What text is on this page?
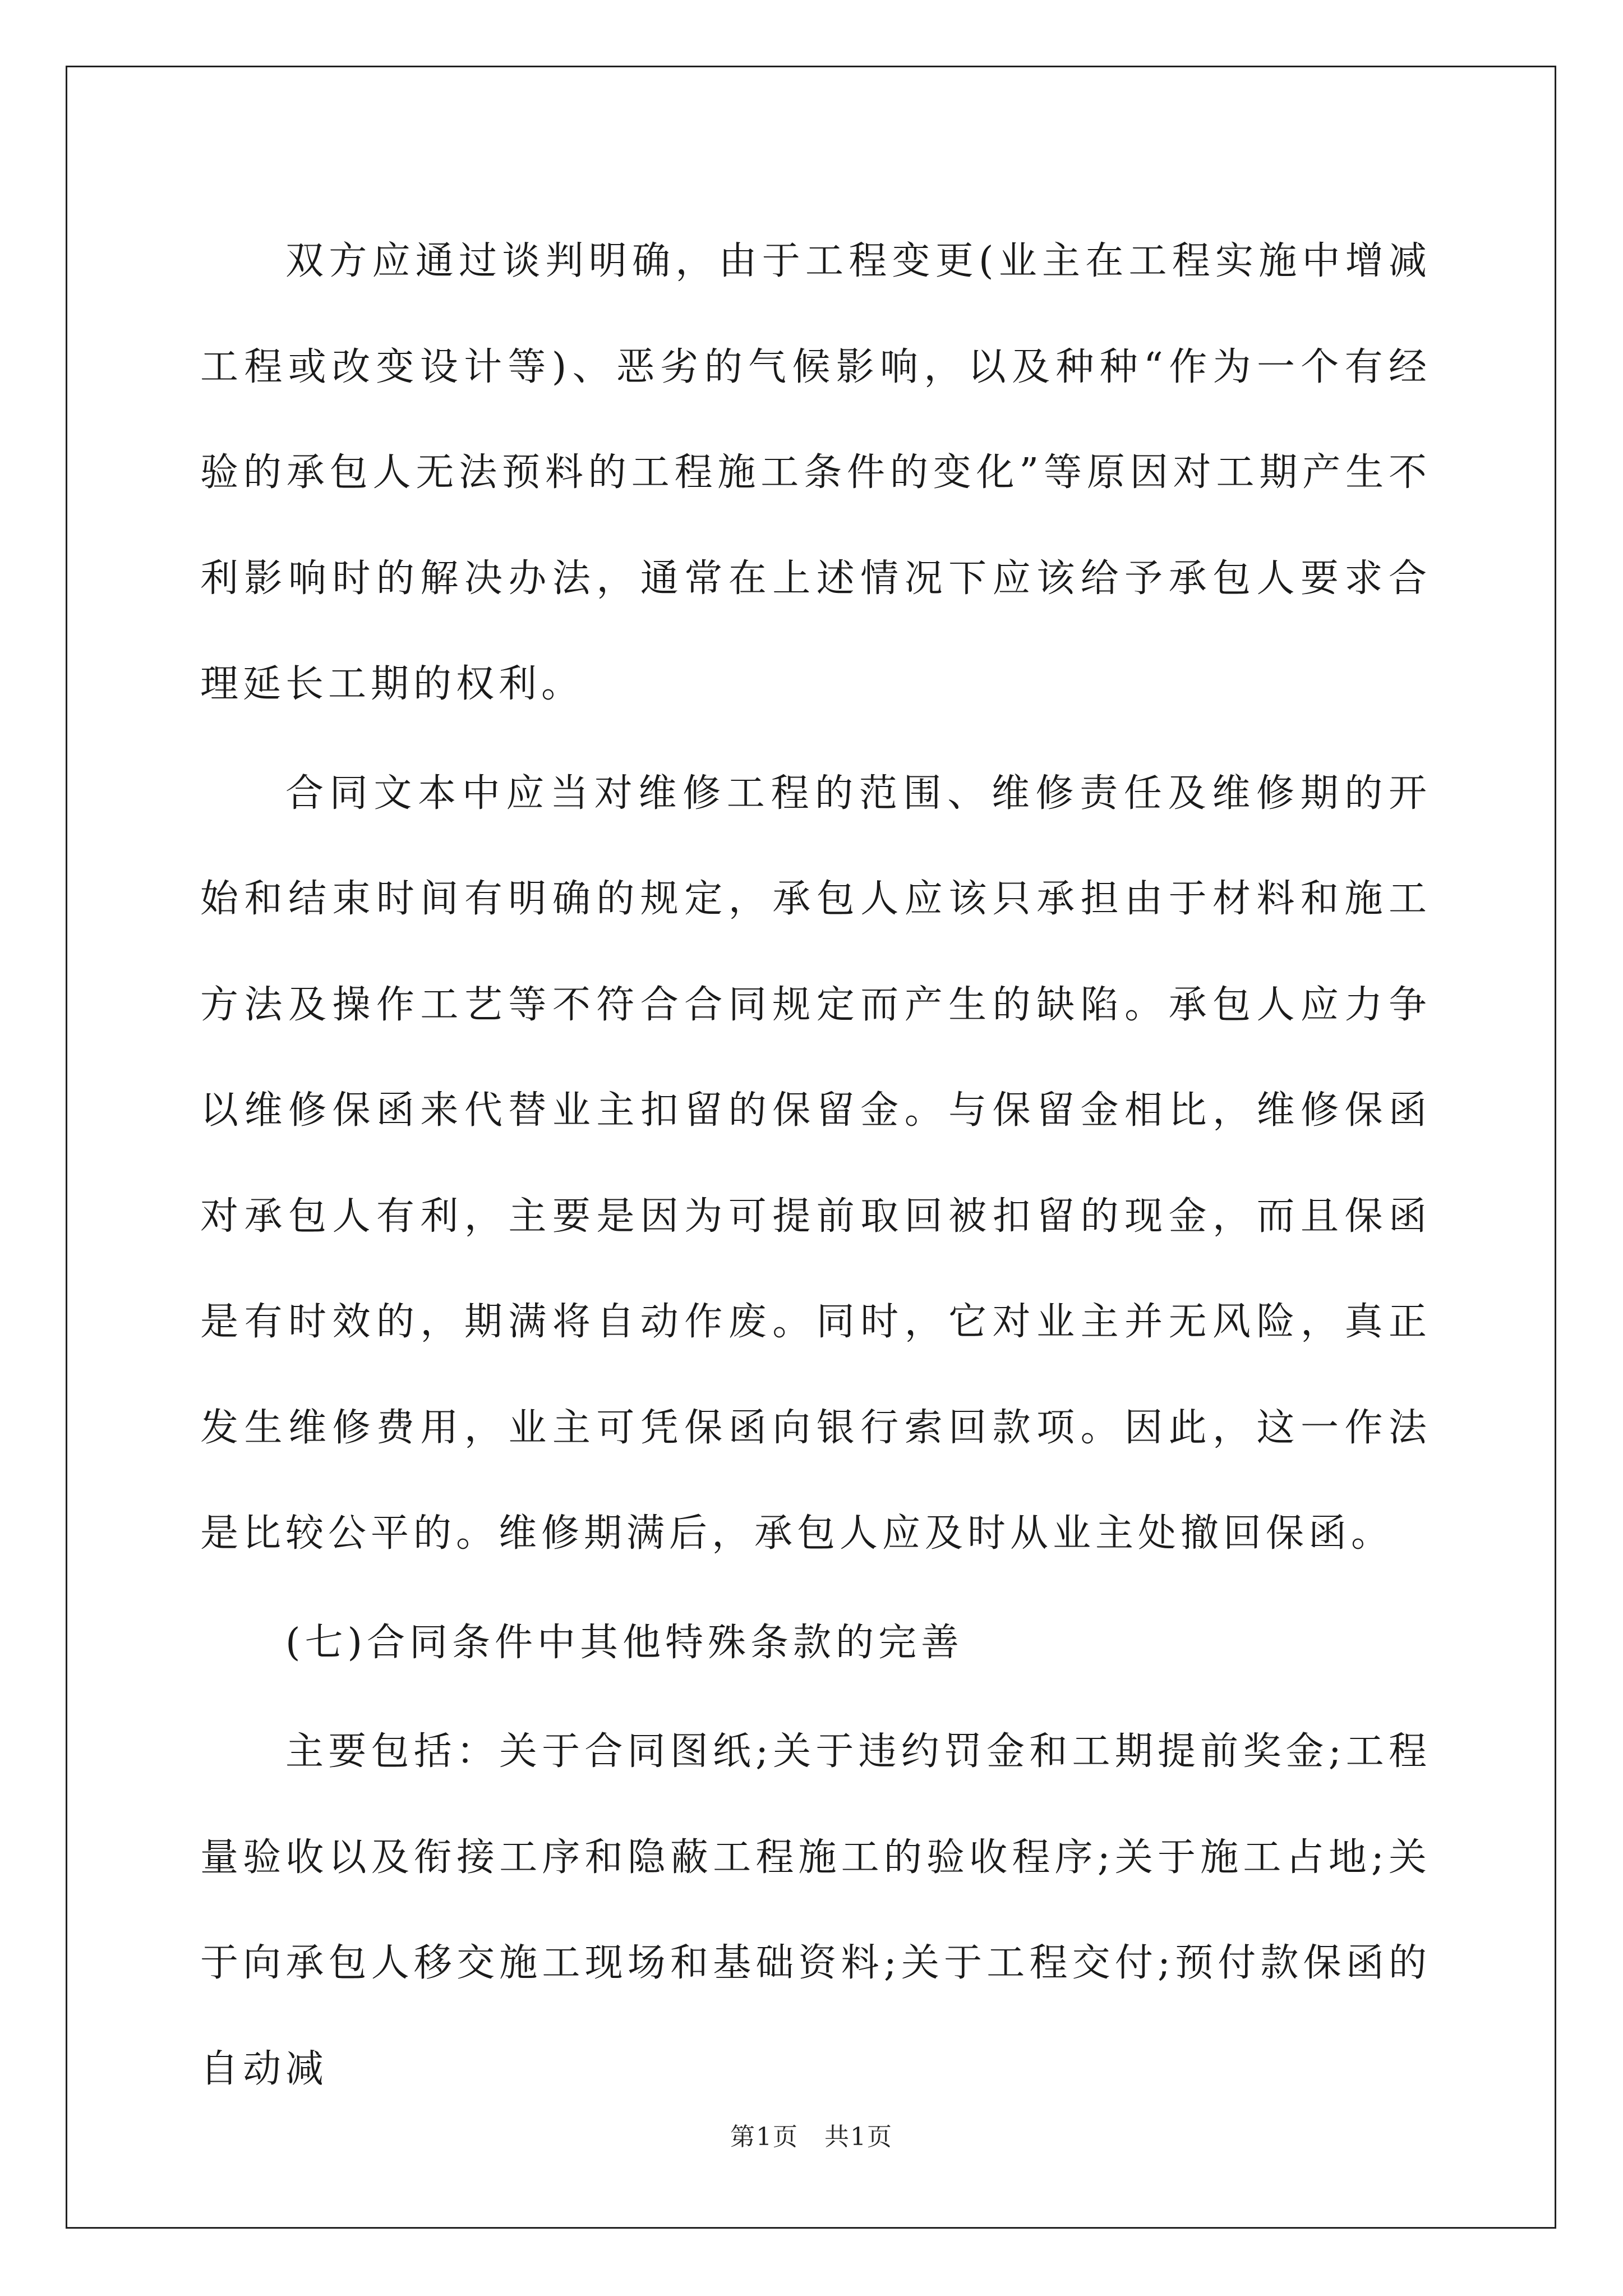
双方应通过谈判明确，由于工程变更(业主在工程实施中增减工程或改变设计等)、恶劣的气候影响，以及种种“作为一个有经验的承包人无法预料的工程施工条件的变化”等原因对工期产生不利影响时的解决办法，通常在上述情况下应该给予承包人要求合理延长工期的权利。

合同文本中应当对维修工程的范围、维修责任及维修期的开始和结束时间有明确的规定，承包人应该只承担由于材料和施工方法及操作工艺等不符合合同规定而产生的缺陷。承包人应力争以维修保函来代替业主扣留的保留金。与保留金相比，维修保函对承包人有利，主要是因为可提前取回被扣留的现金，而且保函是有时效的，期满将自动作废。同时，它对业主并无风险，真正发生维修费用，业主可凭保函向银行索回款项。因此，这一作法是比较公平的。维修期满后，承包人应及时从业主处撤回保函。

(七)合同条件中其他特殊条款的完善

主要包括：关于合同图纸;关于违约罚金和工期提前奖金;工程量验收以及衔接工序和隐蔽工程施工的验收程序;关于施工占地;关于向承包人移交施工现场和基础资料;关于工程交付;预付款保函的自动减

第1页　共1页
